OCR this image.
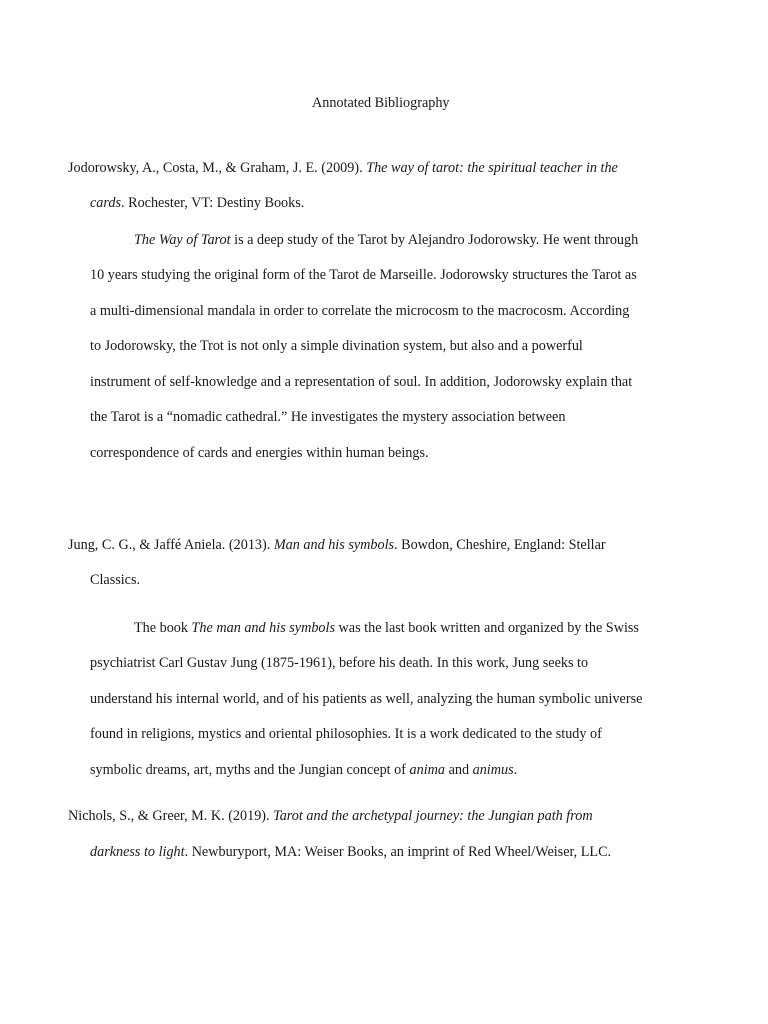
Annotated Bibliography
Jodorowsky, A., Costa, M., & Graham, J. E. (2009). The way of tarot: the spiritual teacher in the
cards. Rochester, VT: Destiny Books.
The Way of Tarot is a deep study of the Tarot by Alejandro Jodorowsky. He went through
10 years studying the original form of the Tarot de Marseille. Jodorowsky structures the Tarot as
a multi-dimensional mandala in order to correlate the microcosm to the macrocosm. According
to Jodorowsky, the Trot is not only a simple divination system, but also and a powerful
instrument of self-knowledge and a representation of soul. In addition, Jodorowsky explain that
the Tarot is a “nomadic cathedral.” He investigates the mystery association between
correspondence of cards and energies within human beings.
Jung, C. G., & Jaffé Aniela. (2013). Man and his symbols. Bowdon, Cheshire, England: Stellar
Classics.
The book The man and his symbols was the last book written and organized by the Swiss
psychiatrist Carl Gustav Jung (1875-1961), before his death. In this work, Jung seeks to
understand his internal world, and of his patients as well, analyzing the human symbolic universe
found in religions, mystics and oriental philosophies. It is a work dedicated to the study of
symbolic dreams, art, myths and the Jungian concept of anima and animus.
Nichols, S., & Greer, M. K. (2019). Tarot and the archetypal journey: the Jungian path from
darkness to light. Newburyport, MA: Weiser Books, an imprint of Red Wheel/Weiser, LLC.
